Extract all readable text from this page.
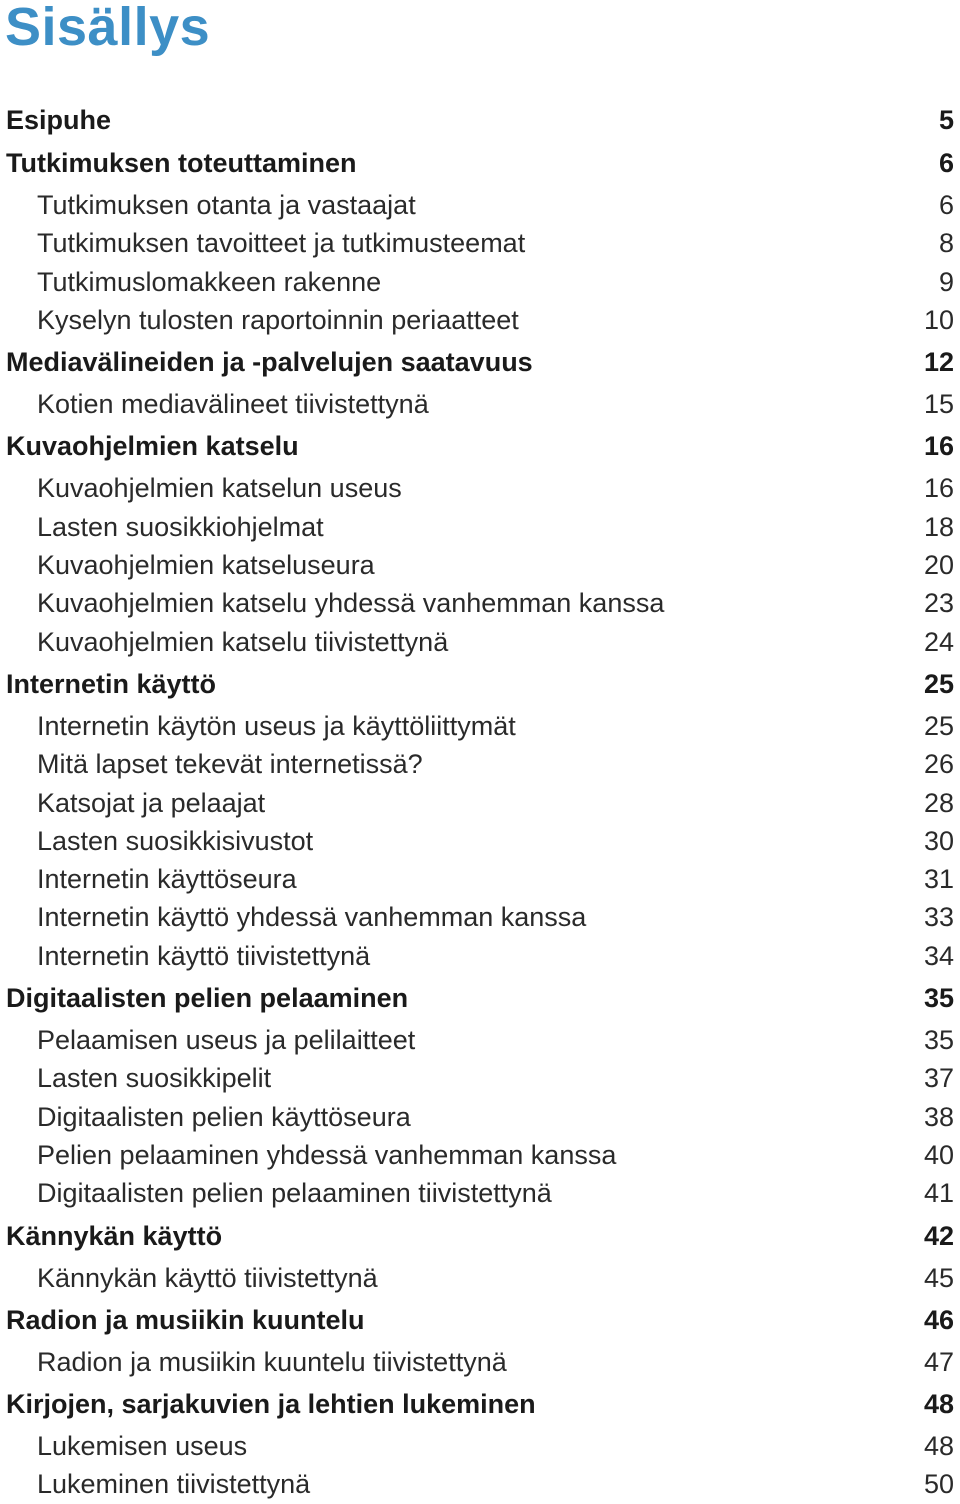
Sisällys
Esipuhe	5
Tutkimuksen toteuttaminen	6
Tutkimuksen otanta ja vastaajat	6
Tutkimuksen tavoitteet ja tutkimusteemat	8
Tutkimuslomakkeen rakenne	9
Kyselyn tulosten raportoinnin periaatteet	10
Mediavälineiden ja -palvelujen saatavuus	12
Kotien mediavälineet tiivistettynä	15
Kuvaohjelmien katselu	16
Kuvaohjelmien katselun useus	16
Lasten suosikkiohjelmat	18
Kuvaohjelmien katseluseura	20
Kuvaohjelmien katselu yhdessä vanhemman kanssa	23
Kuvaohjelmien katselu tiivistettynä	24
Internetin käyttö	25
Internetin käytön useus ja käyttöliittymät	25
Mitä lapset tekevät internetissä?	26
Katsojat ja pelaajat	28
Lasten suosikkisivustot	30
Internetin käyttöseura	31
Internetin käyttö yhdessä vanhemman kanssa	33
Internetin käyttö tiivistettynä	34
Digitaalisten pelien pelaaminen	35
Pelaamisen useus ja pelilaitteet	35
Lasten suosikkipelit	37
Digitaalisten pelien käyttöseura	38
Pelien pelaaminen yhdessä vanhemman kanssa	40
Digitaalisten pelien pelaaminen tiivistettynä	41
Kännykän käyttö	42
Kännykän käyttö tiivistettynä	45
Radion ja musiikin kuuntelu	46
Radion ja musiikin kuuntelu tiivistettynä	47
Kirjojen, sarjakuvien ja lehtien lukeminen	48
Lukemisen useus	48
Lukeminen tiivistettynä	50
